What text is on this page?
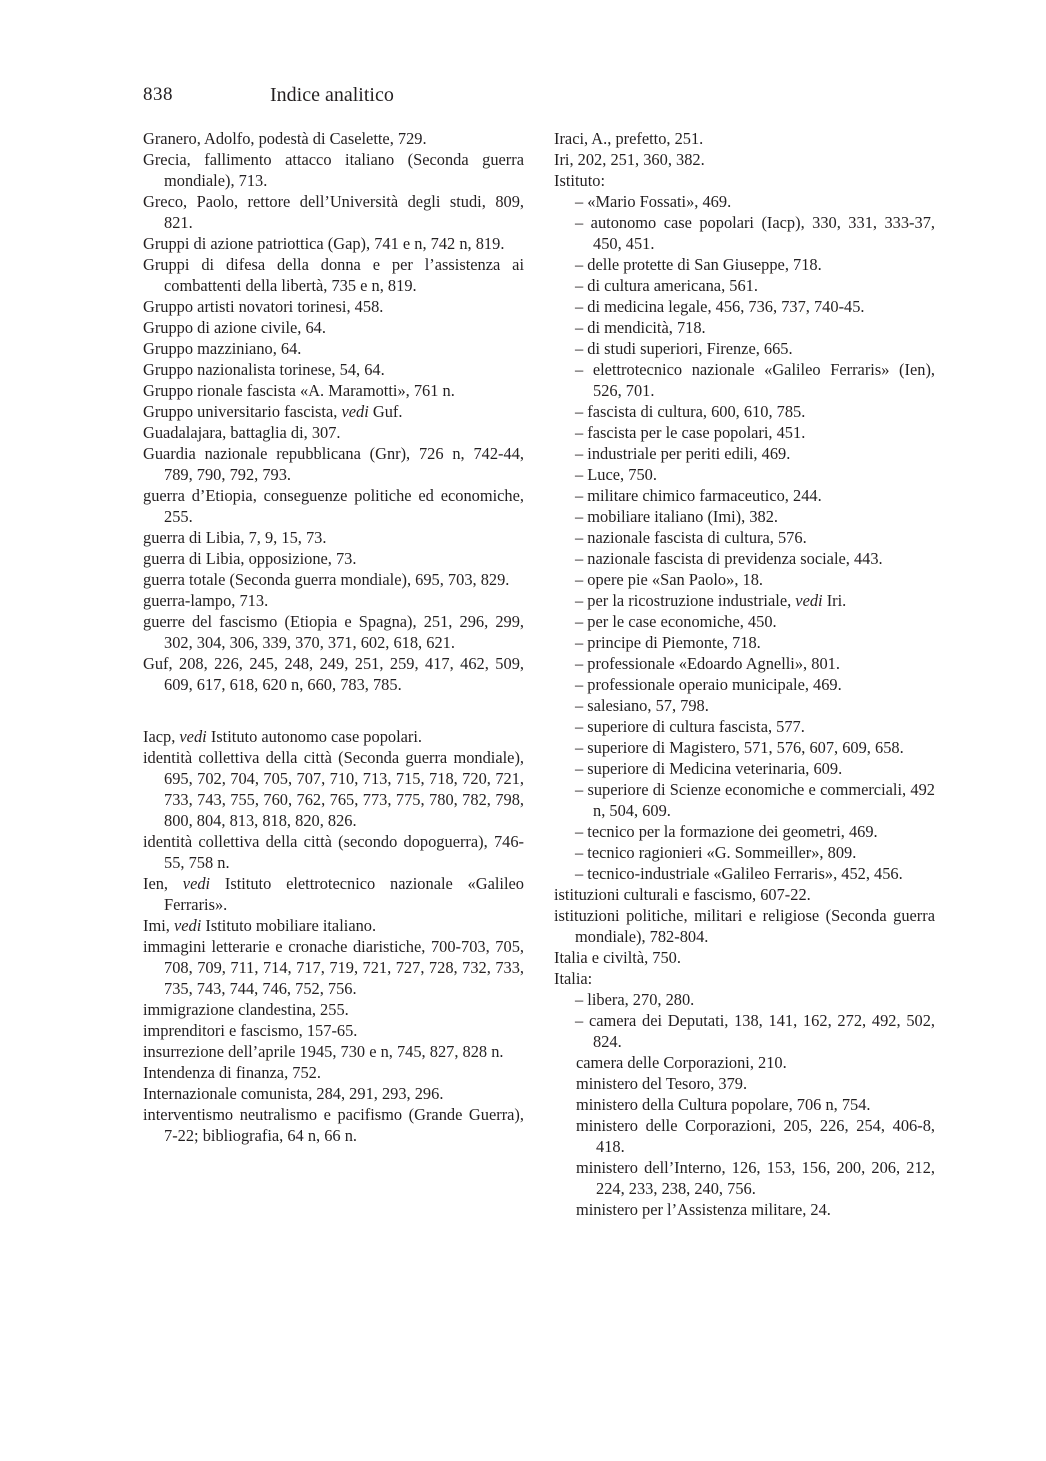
838	Indice analitico
Granero, Adolfo, podestà di Caselette, 729.
Grecia, fallimento attacco italiano (Seconda guerra mondiale), 713.
Greco, Paolo, rettore dell’Università degli studi, 809, 821.
Gruppi di azione patriottica (Gap), 741 e n, 742 n, 819.
Gruppi di difesa della donna e per l’assistenza ai combattenti della libertà, 735 e n, 819.
Gruppo artisti novatori torinesi, 458.
Gruppo di azione civile, 64.
Gruppo mazziniano, 64.
Gruppo nazionalista torinese, 54, 64.
Gruppo rionale fascista «A. Maramotti», 761 n.
Gruppo universitario fascista, vedi Guf.
Guadalajara, battaglia di, 307.
Guardia nazionale repubblicana (Gnr), 726 n, 742-44, 789, 790, 792, 793.
guerra d’Etiopia, conseguenze politiche ed economiche, 255.
guerra di Libia, 7, 9, 15, 73.
guerra di Libia, opposizione, 73.
guerra totale (Seconda guerra mondiale), 695, 703, 829.
guerra-lampo, 713.
guerre del fascismo (Etiopia e Spagna), 251, 296, 299, 302, 304, 306, 339, 370, 371, 602, 618, 621.
Guf, 208, 226, 245, 248, 249, 251, 259, 417, 462, 509, 609, 617, 618, 620 n, 660, 783, 785.
Iacp, vedi Istituto autonomo case popolari.
identità collettiva della città (Seconda guerra mondiale), 695, 702, 704, 705, 707, 710, 713, 715, 718, 720, 721, 733, 743, 755, 760, 762, 765, 773, 775, 780, 782, 798, 800, 804, 813, 818, 820, 826.
identità collettiva della città (secondo dopoguerra), 746-55, 758 n.
Ien, vedi Istituto elettrotecnico nazionale «Galileo Ferraris».
Imi, vedi Istituto mobiliare italiano.
immagini letterarie e cronache diaristiche, 700-703, 705, 708, 709, 711, 714, 717, 719, 721, 727, 728, 732, 733, 735, 743, 744, 746, 752, 756.
immigrazione clandestina, 255.
imprenditori e fascismo, 157-65.
insurrezione dell’aprile 1945, 730 e n, 745, 827, 828 n.
Intendenza di finanza, 752.
Internazionale comunista, 284, 291, 293, 296.
interventismo neutralismo e pacifismo (Grande Guerra), 7-22; bibliografia, 64 n, 66 n.
Iraci, A., prefetto, 251.
Iri, 202, 251, 360, 382.
Istituto:
– «Mario Fossati», 469.
– autonomo case popolari (Iacp), 330, 331, 333-37, 450, 451.
– delle protette di San Giuseppe, 718.
– di cultura americana, 561.
– di medicina legale, 456, 736, 737, 740-45.
– di mendicità, 718.
– di studi superiori, Firenze, 665.
– elettrotecnico nazionale «Galileo Ferraris» (Ien), 526, 701.
– fascista di cultura, 600, 610, 785.
– fascista per le case popolari, 451.
– industriale per periti edili, 469.
– Luce, 750.
– militare chimico farmaceutico, 244.
– mobiliare italiano (Imi), 382.
– nazionale fascista di cultura, 576.
– nazionale fascista di previdenza sociale, 443.
– opere pie «San Paolo», 18.
– per la ricostruzione industriale, vedi Iri.
– per le case economiche, 450.
– principe di Piemonte, 718.
– professionale «Edoardo Agnelli», 801.
– professionale operaio municipale, 469.
– salesiano, 57, 798.
– superiore di cultura fascista, 577.
– superiore di Magistero, 571, 576, 607, 609, 658.
– superiore di Medicina veterinaria, 609.
– superiore di Scienze economiche e commerciali, 492 n, 504, 609.
– tecnico per la formazione dei geometri, 469.
– tecnico ragionieri «G. Sommeiller», 809.
– tecnico-industriale «Galileo Ferraris», 452, 456.
istituzioni culturali e fascismo, 607-22.
istituzioni politiche, militari e religiose (Seconda guerra mondiale), 782-804.
Italia e civiltà, 750.
Italia:
– libera, 270, 280.
– camera dei Deputati, 138, 141, 162, 272, 492, 502, 824.
camera delle Corporazioni, 210.
ministero del Tesoro, 379.
ministero della Cultura popolare, 706 n, 754.
ministero delle Corporazioni, 205, 226, 254, 406-8, 418.
ministero dell’Interno, 126, 153, 156, 200, 206, 212, 224, 233, 238, 240, 756.
ministero per l’Assistenza militare, 24.
